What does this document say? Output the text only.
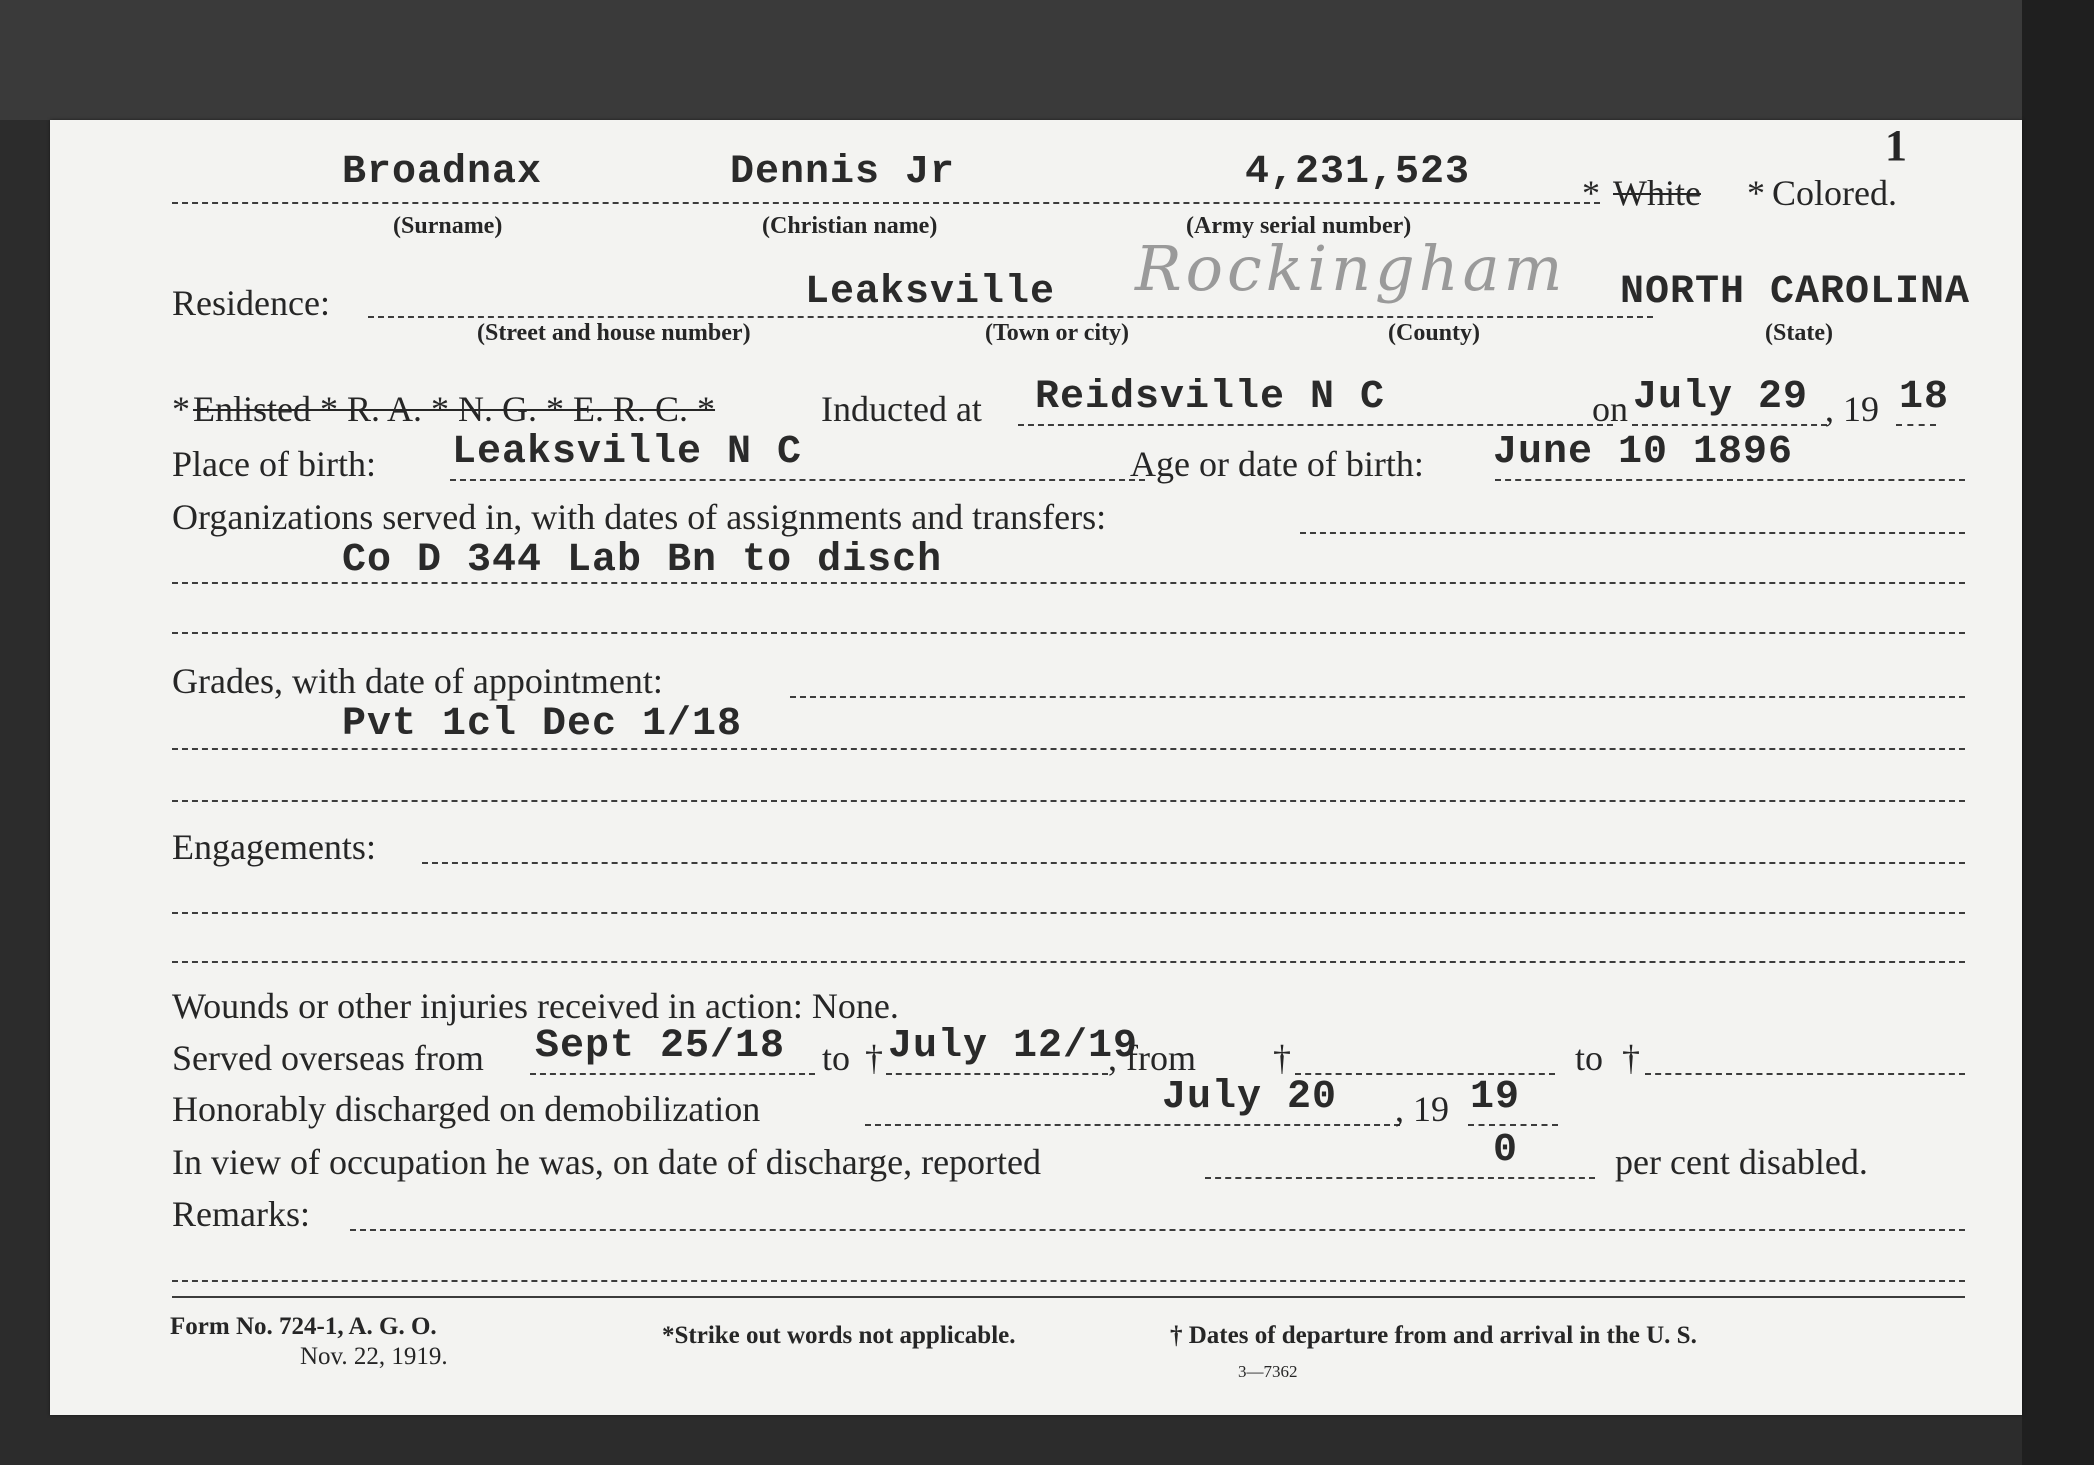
1
Broadnax	Dennis Jr	4,231,523	* White * Colored.
(Surname)	(Christian name)	(Army serial number)
Residence:	Leaksville Rockingham NORTH CAROLINA
(Street and house number)	(Town or city)	(County)	(State)
* Enlisted * R. A. * N. G. * E. R. C. *	Inducted at Reidsville N C	on July 29 , 19 18
Place of birth: Leaksville N C	Age or date of birth: June 10 1896
Organizations served in, with dates of assignments and transfers:
Co D 344 Lab Bn to disch
Grades, with date of appointment:
Pvt 1cl Dec 1/18
Engagements:
Wounds or other injuries received in action: None.
Served overseas from Sept 25/18 to † July 12/19
, from †	to †
Honorably discharged on demobilization	July 20 , 19 19
In view of occupation he was, on date of discharge, reported	0	per cent disabled.
Remarks:
Form No. 724-1, A. G. O.
Nov. 22, 1919.
*Strike out words not applicable.	† Dates of departure from and arrival in the U. S.
3—7362
